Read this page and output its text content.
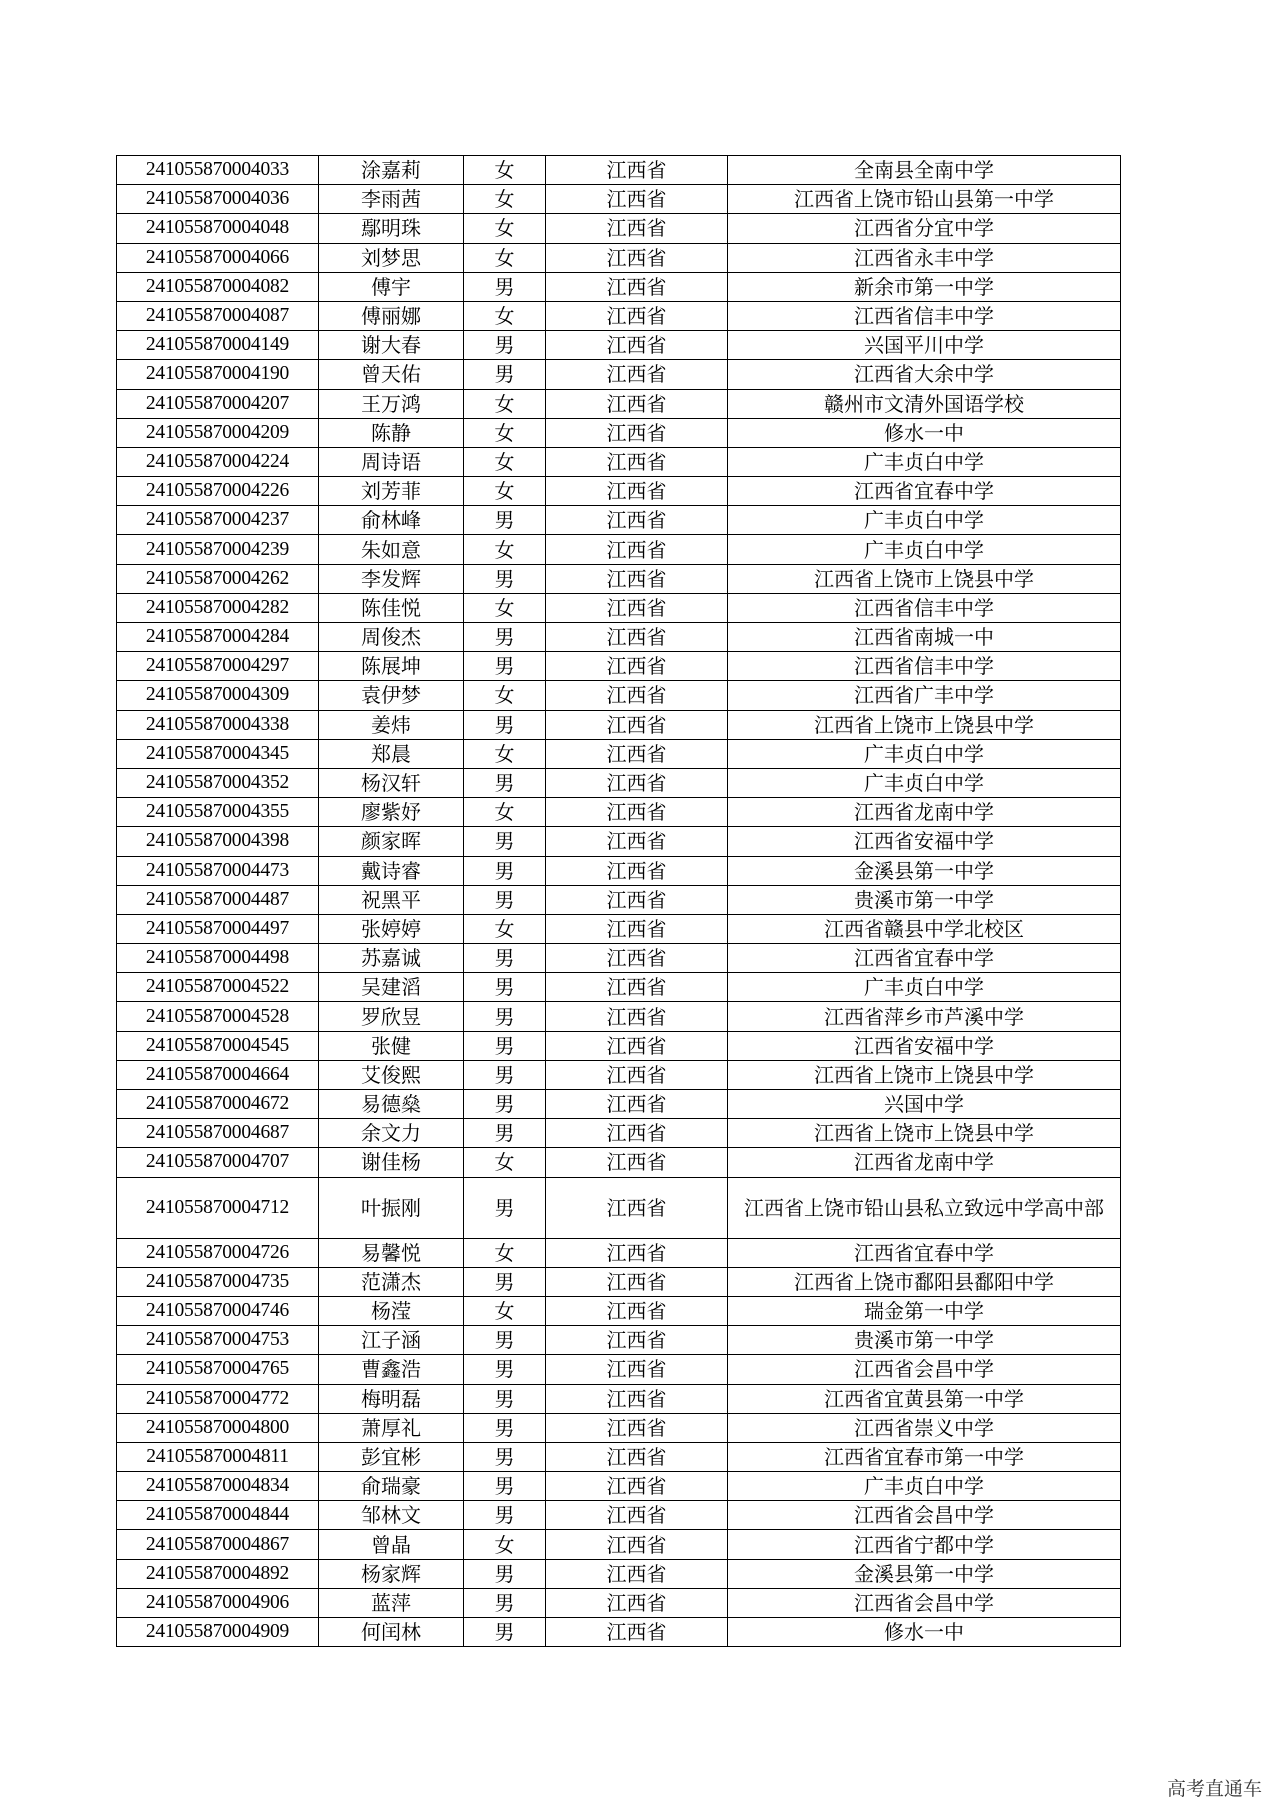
241055870004033	涂嘉莉	女	江西省	全南县全南中学
241055870004036	李雨茜	女	江西省	江西省上饶市铅山县第一中学
241055870004048	鄢明珠	女	江西省	江西省分宜中学
241055870004066	刘梦思	女	江西省	江西省永丰中学
241055870004082	傅宇	男	江西省	新余市第一中学
241055870004087	傅丽娜	女	江西省	江西省信丰中学
241055870004149	谢大春	男	江西省	兴国平川中学
241055870004190	曾天佑	男	江西省	江西省大余中学
241055870004207	王万鸿	女	江西省	赣州市文清外国语学校
241055870004209	陈静	女	江西省	修水一中
241055870004224	周诗语	女	江西省	广丰贞白中学
241055870004226	刘芳菲	女	江西省	江西省宜春中学
241055870004237	俞林峰	男	江西省	广丰贞白中学
241055870004239	朱如意	女	江西省	广丰贞白中学
241055870004262	李发辉	男	江西省	江西省上饶市上饶县中学
241055870004282	陈佳悦	女	江西省	江西省信丰中学
241055870004284	周俊杰	男	江西省	江西省南城一中
241055870004297	陈展坤	男	江西省	江西省信丰中学
241055870004309	袁伊梦	女	江西省	江西省广丰中学
241055870004338	姜炜	男	江西省	江西省上饶市上饶县中学
241055870004345	郑晨	女	江西省	广丰贞白中学
241055870004352	杨汉轩	男	江西省	广丰贞白中学
241055870004355	廖紫妤	女	江西省	江西省龙南中学
241055870004398	颜家晖	男	江西省	江西省安福中学
241055870004473	戴诗睿	男	江西省	金溪县第一中学
241055870004487	祝黑平	男	江西省	贵溪市第一中学
241055870004497	张婷婷	女	江西省	江西省赣县中学北校区
241055870004498	苏嘉诚	男	江西省	江西省宜春中学
241055870004522	吴建滔	男	江西省	广丰贞白中学
241055870004528	罗欣昱	男	江西省	江西省萍乡市芦溪中学
241055870004545	张健	男	江西省	江西省安福中学
241055870004664	艾俊熙	男	江西省	江西省上饶市上饶县中学
241055870004672	易德燊	男	江西省	兴国中学
241055870004687	余文力	男	江西省	江西省上饶市上饶县中学
241055870004707	谢佳杨	女	江西省	江西省龙南中学
241055870004712	叶振刚	男	江西省	江西省上饶市铅山县私立致远中学高中部
241055870004726	易馨悦	女	江西省	江西省宜春中学
241055870004735	范潇杰	男	江西省	江西省上饶市鄱阳县鄱阳中学
241055870004746	杨滢	女	江西省	瑞金第一中学
241055870004753	江子涵	男	江西省	贵溪市第一中学
241055870004765	曹鑫浩	男	江西省	江西省会昌中学
241055870004772	梅明磊	男	江西省	江西省宜黄县第一中学
241055870004800	萧厚礼	男	江西省	江西省崇义中学
241055870004811	彭宜彬	男	江西省	江西省宜春市第一中学
241055870004834	俞瑞豪	男	江西省	广丰贞白中学
241055870004844	邹林文	男	江西省	江西省会昌中学
241055870004867	曾晶	女	江西省	江西省宁都中学
241055870004892	杨家辉	男	江西省	金溪县第一中学
241055870004906	蓝萍	男	江西省	江西省会昌中学
241055870004909	何闰林	男	江西省	修水一中
高考直通车
